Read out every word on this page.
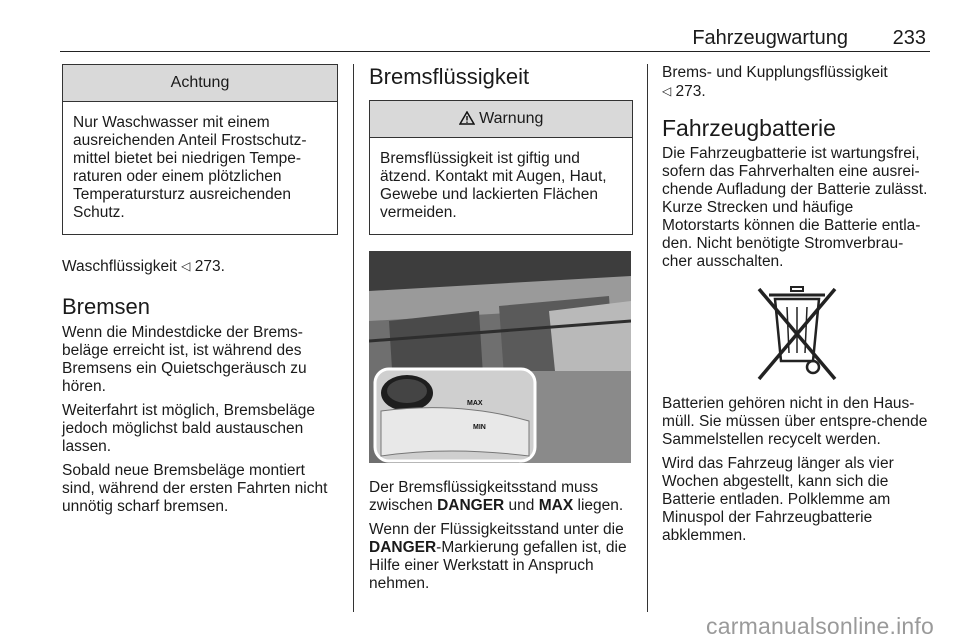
Fahrzeugwartung 233
Achtung

Nur Waschwasser mit einem ausreichenden Anteil Frostschutz-mittel bietet bei niedrigen Tempe-raturen oder einem plötzlichen Temperatursturz ausreichenden Schutz.

Waschflüssigkeit ◁ 273.

Bremsen

Wenn die Mindestdicke der Brems-beläge erreicht ist, ist während des Bremsens ein Quietschgeräusch zu hören.

Weiterfahrt ist möglich, Bremsbeläge jedoch möglichst bald austauschen lassen.

Sobald neue Bremsbeläge montiert sind, während der ersten Fahrten nicht unnötig scharf bremsen.

Bremsflüssigkeit
Warnung

Bremsflüssigkeit ist giftig und ätzend. Kontakt mit Augen, Haut, Gewebe und lackierten Flächen vermeiden.

MAX
MIN

Der Bremsflüssigkeitsstand muss zwischen DANGER und MAX liegen.

Wenn der Flüssigkeitsstand unter die DANGER-Markierung gefallen ist, die Hilfe einer Werkstatt in Anspruch nehmen.

Brems- und Kupplungsflüssigkeit
◁ 273.

Fahrzeugbatterie

Die Fahrzeugbatterie ist wartungsfrei, sofern das Fahrverhalten eine ausrei-chende Aufladung der Batterie zulässt. Kurze Strecken und häufige Motorstarts können die Batterie entla-den. Nicht benötigte Stromverbrau-cher ausschalten.

Batterien gehören nicht in den Haus-müll. Sie müssen über entspre-chende Sammelstellen recycelt werden.

Wird das Fahrzeug länger als vier Wochen abgestellt, kann sich die Batterie entladen. Polklemme am Minuspol der Fahrzeugbatterie abklemmen.

carmanualsonline.info
